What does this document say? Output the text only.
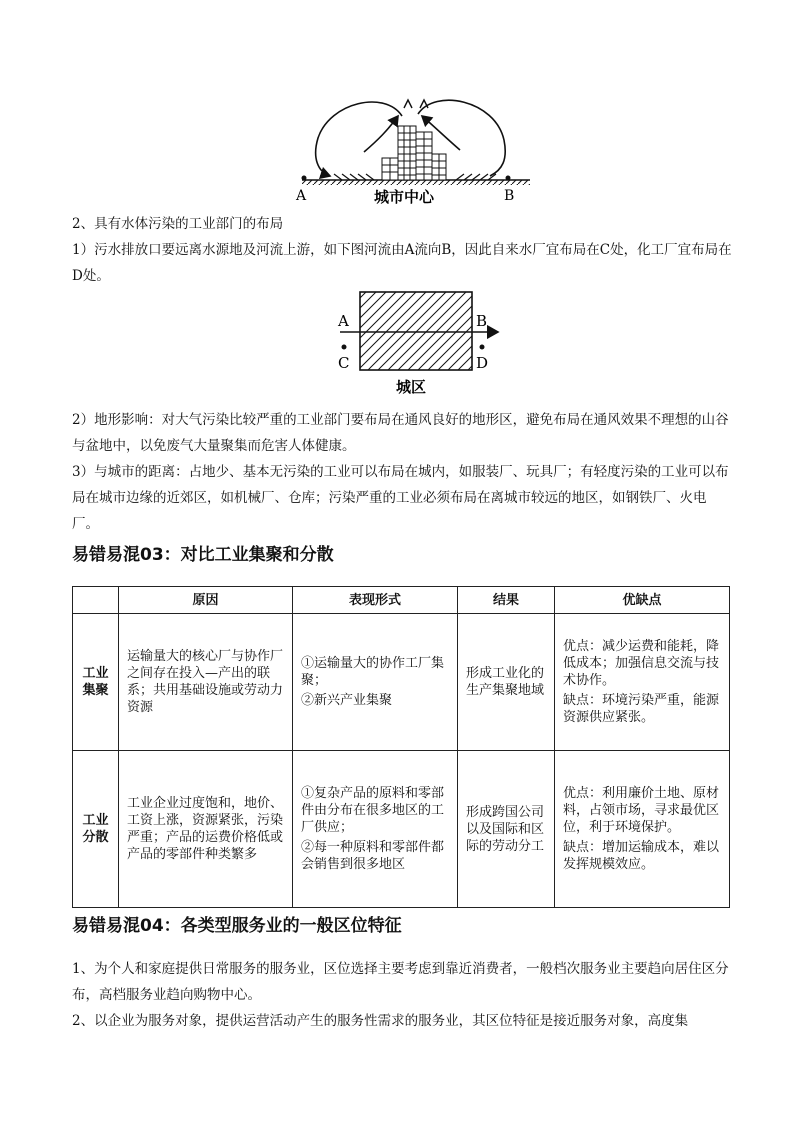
A	B
城市中心

2、具有水体污染的工业部门的布局

1）污水排放口要远离水源地及河流上游，如下图河流由A流向B，因此自来水厂宜布局在C处，化工厂宜布局在D处。

A	B
C	D
城区

2）地形影响：对大气污染比较严重的工业部门要布局在通风良好的地形区，避免布局在通风效果不理想的山谷与盆地中，以免废气大量聚集而危害人体健康。

3）与城市的距离：占地少、基本无污染的工业可以布局在城内，如服装厂、玩具厂；有轻度污染的工业可以布局在城市边缘的近郊区，如机械厂、仓库；污染严重的工业必须布局在离城市较远的地区，如钢铁厂、火电厂。

易错易混03：对比工业集聚和分散
	原因	表现形式	结果	优缺点

工业
集聚	运输量大的核心厂与协作厂之间存在投入—产出的联系；共用基础设施或劳动力资源	①运输量大的协作工厂集聚；
②新兴产业集聚	形成工业化的生产集聚地域	优点：减少运费和能耗，降低成本；加强信息交流与技术协作。
缺点：环境污染严重，能源资源供应紧张。

工业
分散	工业企业过度饱和，地价、工资上涨，资源紧张，污染严重；产品的运费价格低或产品的零部件种类繁多	①复杂产品的原料和零部件由分布在很多地区的工厂供应；
②每一种原料和零部件都会销售到很多地区	形成跨国公司以及国际和区际的劳动分工	优点：利用廉价土地、原材料，占领市场，寻求最优区位，利于环境保护。
缺点：增加运输成本，难以发挥规模效应。
易错易混04：各类型服务业的一般区位特征

1、为个人和家庭提供日常服务的服务业，区位选择主要考虑到靠近消费者，一般档次服务业主要趋向居住区分布，高档服务业趋向购物中心。

2、以企业为服务对象，提供运营活动产生的服务性需求的服务业，其区位特征是接近服务对象，高度集
